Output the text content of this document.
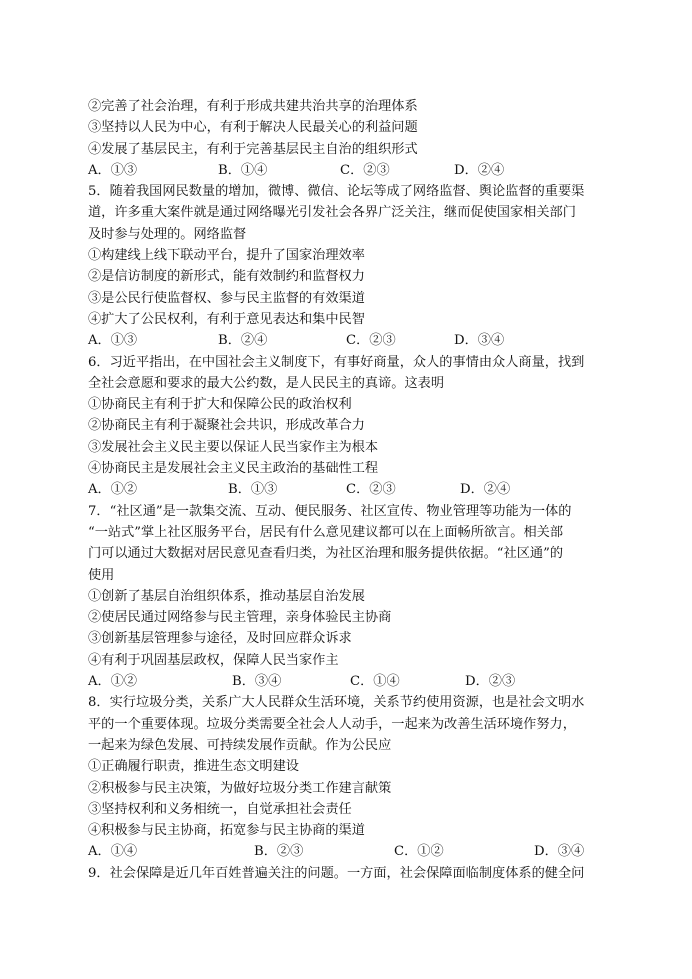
②完善了社会治理，有利于形成共建共治共享的治理体系
③坚持以人民为中心，有利于解决人民最关心的利益问题
④发展了基层民主，有利于完善基层民主自治的组织形式
A．①③	B．①④	C．②③	D．②④
5．随着我国网民数量的增加，微博、微信、论坛等成了网络监督、舆论监督的重要渠
道，许多重大案件就是通过网络曝光引发社会各界广泛关注，继而促使国家相关部门
及时参与处理的。网络监督
①构建线上线下联动平台，提升了国家治理效率
②是信访制度的新形式，能有效制约和监督权力
③是公民行使监督权、参与民主监督的有效渠道
④扩大了公民权利，有利于意见表达和集中民智
A．①③	B．②④	C．②③	D．③④
6．习近平指出，在中国社会主义制度下，有事好商量，众人的事情由众人商量，找到
全社会意愿和要求的最大公约数，是人民民主的真谛。这表明
①协商民主有利于扩大和保障公民的政治权利
②协商民主有利于凝聚社会共识，形成改革合力
③发展社会主义民主要以保证人民当家作主为根本
④协商民主是发展社会主义民主政治的基础性工程
A．①②	B．①③	C．②③	D．②④
7．“社区通”是一款集交流、互动、便民服务、社区宣传、物业管理等功能为一体的
“一站式”掌上社区服务平台，居民有什么意见建议都可以在上面畅所欲言。相关部
门可以通过大数据对居民意见查看归类，为社区治理和服务提供依据。“社区通”的
使用
①创新了基层自治组织体系，推动基层自治发展
②使居民通过网络参与民主管理，亲身体验民主协商
③创新基层管理参与途径，及时回应群众诉求
④有利于巩固基层政权，保障人民当家作主
A．①②	B．③④	C．①④	D．②③
8．实行垃圾分类，关系广大人民群众生活环境，关系节约使用资源，也是社会文明水
平的一个重要体现。垃圾分类需要全社会人人动手，一起来为改善生活环境作努力，
一起来为绿色发展、可持续发展作贡献。作为公民应
①正确履行职责，推进生态文明建设
②积极参与民主决策，为做好垃圾分类工作建言献策
③坚持权利和义务相统一，自觉承担社会责任
④积极参与民主协商，拓宽参与民主协商的渠道
A．①④	B．②③	C．①②	D．③④
9．社会保障是近几年百姓普遍关注的问题。一方面，社会保障面临制度体系的健全问
